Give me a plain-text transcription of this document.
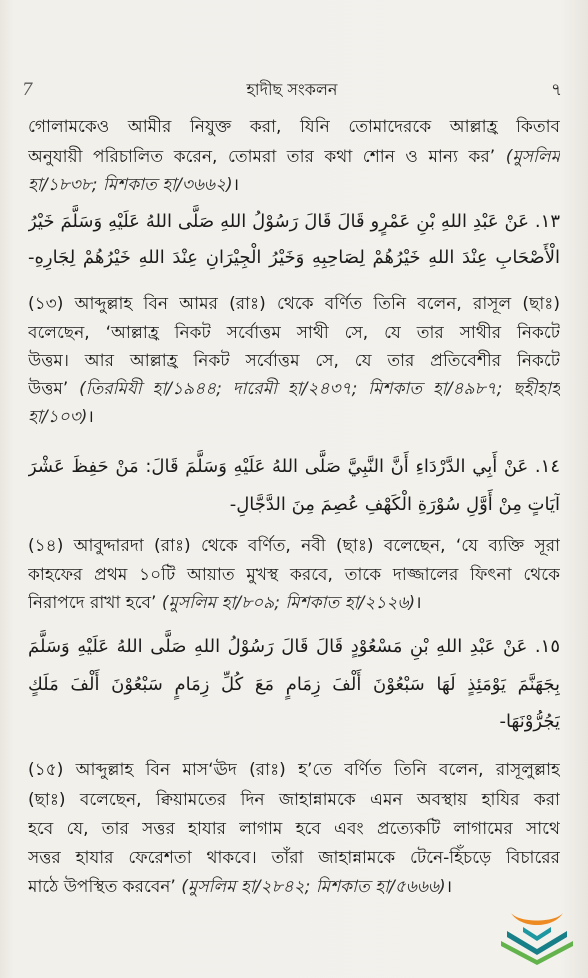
7	হাদীছ সংকলন	৭
গোলামকেও আমীর নিযুক্ত করা, যিনি তোমাদেরকে আল্লাহ্র কিতাব
অনুযায়ী পরিচালিত করেন, তোমরা তার কথা শোন ও মান্য কর’ (মুসলিম
হা/১৮৩৮; মিশকাত হা/৩৬৬২)।
١٣. عَنْ عَبْدِ اللهِ بْنِ عَمْرٍو قَالَ قَالَ رَسُوْلُ اللهِ صَلَّى اللهُ عَلَيْهِ وَسَلَّمَ خَيْرُ
الْأَصْحَابِ عِنْدَ اللهِ خَيْرُهُمْ لِصَاحِبِهِ وَخَيْرُ الْجِيْرَانِ عِنْدَ اللهِ خَيْرُهُمْ لِجَارِهِ-
(১৩) আব্দুল্লাহ বিন আমর (রাঃ) থেকে বর্ণিত তিনি বলেন, রাসূল (ছাঃ)
বলেছেন, ‘আল্লাহ্র নিকট সর্বোত্তম সাথী সে, যে তার সাথীর নিকটে
উত্তম। আর আল্লাহ্র নিকট সর্বোত্তম সে, যে তার প্রতিবেশীর নিকটে
উত্তম’ (তিরমিযী হা/১৯৪৪; দারেমী হা/২৪৩৭; মিশকাত হা/৪৯৮৭; ছহীহাহ
হা/১০৩)।
١٤. عَنْ أَبِي الدَّرْدَاءِ أَنَّ النَّبِيَّ صَلَّى اللهُ عَلَيْهِ وَسَلَّمَ قَالَ: مَنْ حَفِظَ عَشْرَ
آيَاتٍ مِنْ أَوَّلِ سُوْرَةِ الْكَهْفِ عُصِمَ مِنَ الدَّجَّالِ-
(১৪) আবুদ্দারদা (রাঃ) থেকে বর্ণিত, নবী (ছাঃ) বলেছেন, ‘যে ব্যক্তি সূরা
কাহফের প্রথম ১০টি আয়াত মুখস্থ করবে, তাকে দাজ্জালের ফিৎনা থেকে
নিরাপদে রাখা হবে’ (মুসলিম হা/৮০৯; মিশকাত হা/২১২৬)।
١٥. عَنْ عَبْدِ اللهِ بْنِ مَسْعُوْدٍ قَالَ قَالَ رَسُوْلُ اللهِ صَلَّى اللهُ عَلَيْهِ وَسَلَّمَ
بِجَهَنَّمَ يَوْمَئِذٍ لَهَا سَبْعُوْنَ أَلْفَ زِمَامٍ مَعَ كُلِّ زِمَامٍ سَبْعُوْنَ أَلْفَ مَلَكٍ
يَجُرُّوْنَهَا-
(১৫) আব্দুল্লাহ বিন মাস‘ঊদ (রাঃ) হ’তে বর্ণিত তিনি বলেন, রাসূলুল্লাহ
(ছাঃ) বলেছেন, ক্বিয়ামতের দিন জাহান্নামকে এমন অবস্থায় হাযির করা
হবে যে, তার সত্তর হাযার লাগাম হবে এবং প্রত্যেকটি লাগামের সাথে
সত্তর হাযার ফেরেশতা থাকবে। তাঁরা জাহান্নামকে টেনে-হিঁচড়ে বিচারের
মাঠে উপস্থিত করবেন’ (মুসলিম হা/২৮৪২; মিশকাত হা/৫৬৬৬)।
